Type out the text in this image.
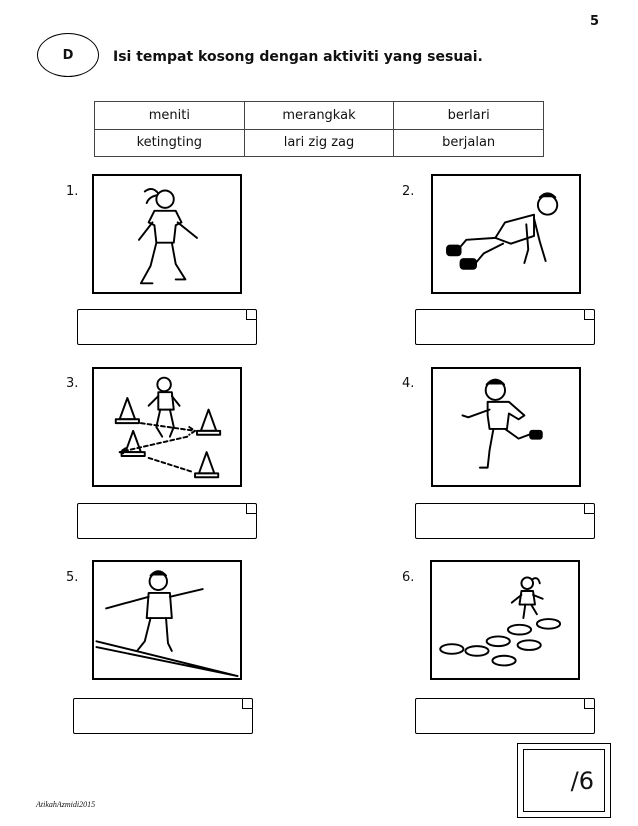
5
D	Isi tempat kosong dengan aktiviti yang sesuai.
meniti	merangkak	berlari
ketingting	lari zig zag	berjalan
1.	2.
3.	4.
5.	6.
/6
AtikahAzmidi2015
